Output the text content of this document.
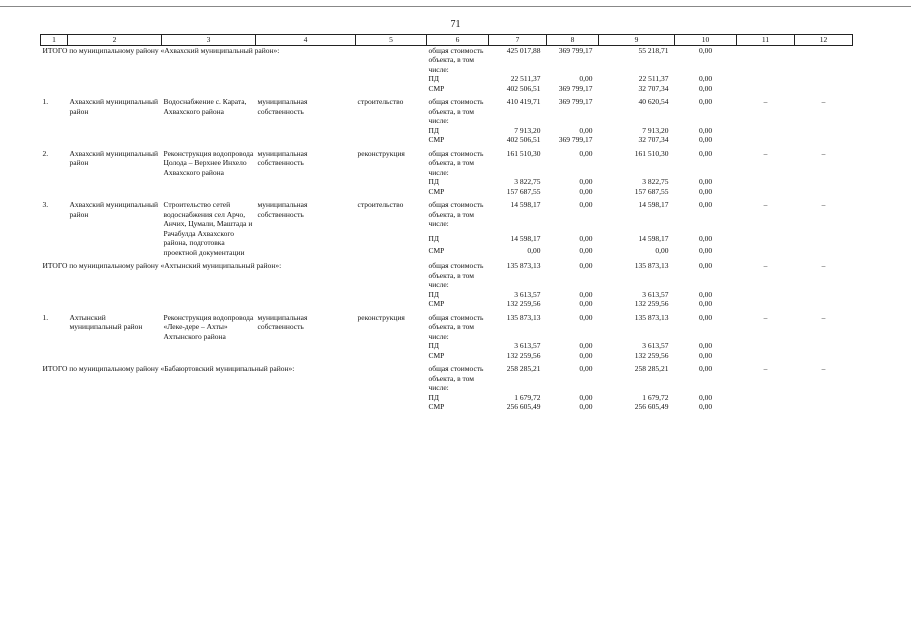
71
1	2	3	4	5	6	7	8	9	10	11	12
ИТОГО по муниципальному району «Ахвахский муниципальный район»:					общая стоимость объекта, в том числе:	425 017,88	369 799,17	55 218,71	0,00		
					ПД	22 511,37	0,00	22 511,37	0,00		
					СМР	402 506,51	369 799,17	32 707,34	0,00		

1.	Ахвахский муниципальный район	Водоснабжение с. Карата, Ахвахского района	муниципальная собственность	строительство	общая стоимость объекта, в том числе:	410 419,71	369 799,17	40 620,54	0,00	–	–
					ПД	7 913,20	0,00	7 913,20	0,00		
					СМР	402 506,51	369 799,17	32 707,34	0,00		

2.	Ахвахский муниципальный район	Реконструкция водопровода Цолода – Верхнее Инхело Ахвахского района	муниципальная собственность	реконструкция	общая стоимость объекта, в том числе:	161 510,30	0,00	161 510,30	0,00	–	–
					ПД	3 822,75	0,00	3 822,75	0,00		
					СМР	157 687,55	0,00	157 687,55	0,00		

3.	Ахвахский муниципальный район	Строительство сетей водоснабжения сел Арчо, Анчих, Цумали, Маштада и Рачабулда Ахвахского района, подготовка проектной документации	муниципальная собственность	строительство	общая стоимость объекта, в том числе:	14 598,17	0,00	14 598,17	0,00	–	–
					ПД	14 598,17	0,00	14 598,17	0,00		
					СМР	0,00	0,00	0,00	0,00		

ИТОГО по муниципальному району «Ахтынский муниципальный район»:					общая стоимость объекта, в том числе:	135 873,13	0,00	135 873,13	0,00	–	–
					ПД	3 613,57	0,00	3 613,57	0,00		
					СМР	132 259,56	0,00	132 259,56	0,00		

1.	Ахтынский муниципальный район	Реконструкция водопровода «Леке-дере – Ахты» Ахтынского района	муниципальная собственность	реконструкция	общая стоимость объекта, в том числе:	135 873,13	0,00	135 873,13	0,00	–	–
					ПД	3 613,57	0,00	3 613,57	0,00		
					СМР	132 259,56	0,00	132 259,56	0,00		

ИТОГО по муниципальному району «Бабаюртовский муниципальный район»:					общая стоимость объекта, в том числе:	258 285,21	0,00	258 285,21	0,00	–	–
					ПД	1 679,72	0,00	1 679,72	0,00		
					СМР	256 605,49	0,00	256 605,49	0,00		
